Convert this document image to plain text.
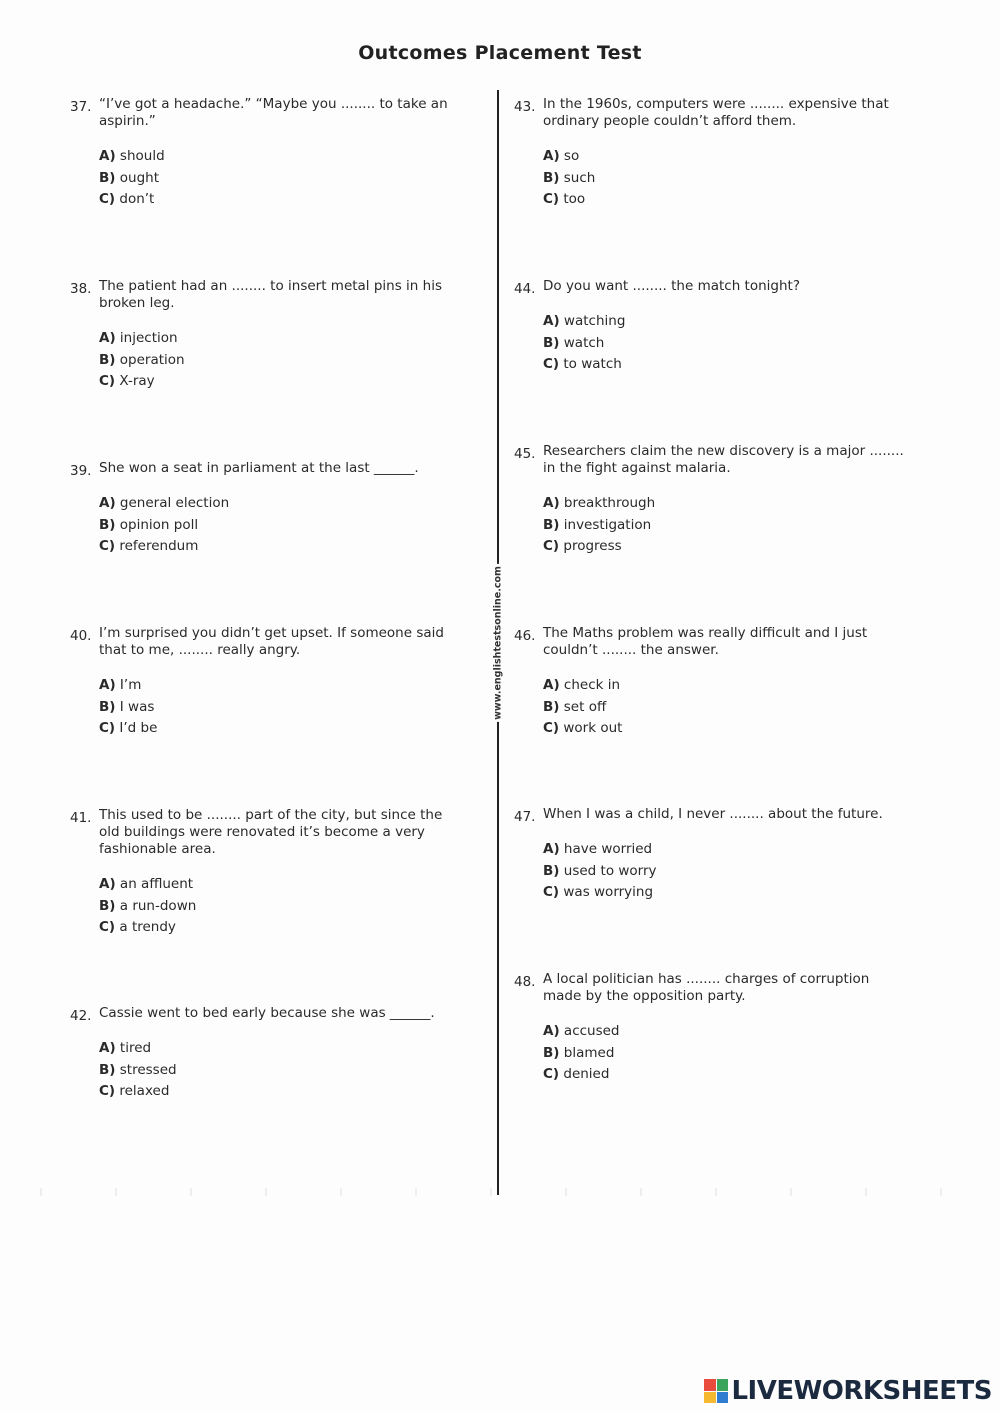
Outcomes Placement Test
www.englishtestsonline.com
37. “I’ve got a headache.” “Maybe you ........ to take an aspirin.”
A) should
B) ought
C) don’t
38. The patient had an ........ to insert metal pins in his broken leg.
A) injection
B) operation
C) X-ray
39. She won a seat in parliament at the last ______.
A) general election
B) opinion poll
C) referendum
40. I’m surprised you didn’t get upset. If someone said that to me, ........ really angry.
A) I’m
B) I was
C) I’d be
41. This used to be ........ part of the city, but since the old buildings were renovated it’s become a very fashionable area.
A) an affluent
B) a run-down
C) a trendy
42. Cassie went to bed early because she was ______.
A) tired
B) stressed
C) relaxed
43. In the 1960s, computers were ........ expensive that ordinary people couldn’t afford them.
A) so
B) such
C) too
44. Do you want ........ the match tonight?
A) watching
B) watch
C) to watch
45. Researchers claim the new discovery is a major ........ in the fight against malaria.
A) breakthrough
B) investigation
C) progress
46. The Maths problem was really difficult and I just couldn’t ........ the answer.
A) check in
B) set off
C) work out
47. When I was a child, I never ........ about the future.
A) have worried
B) used to worry
C) was worrying
48. A local politician has ........ charges of corruption made by the opposition party.
A) accused
B) blamed
C) denied
LIVEWORKSHEETS
